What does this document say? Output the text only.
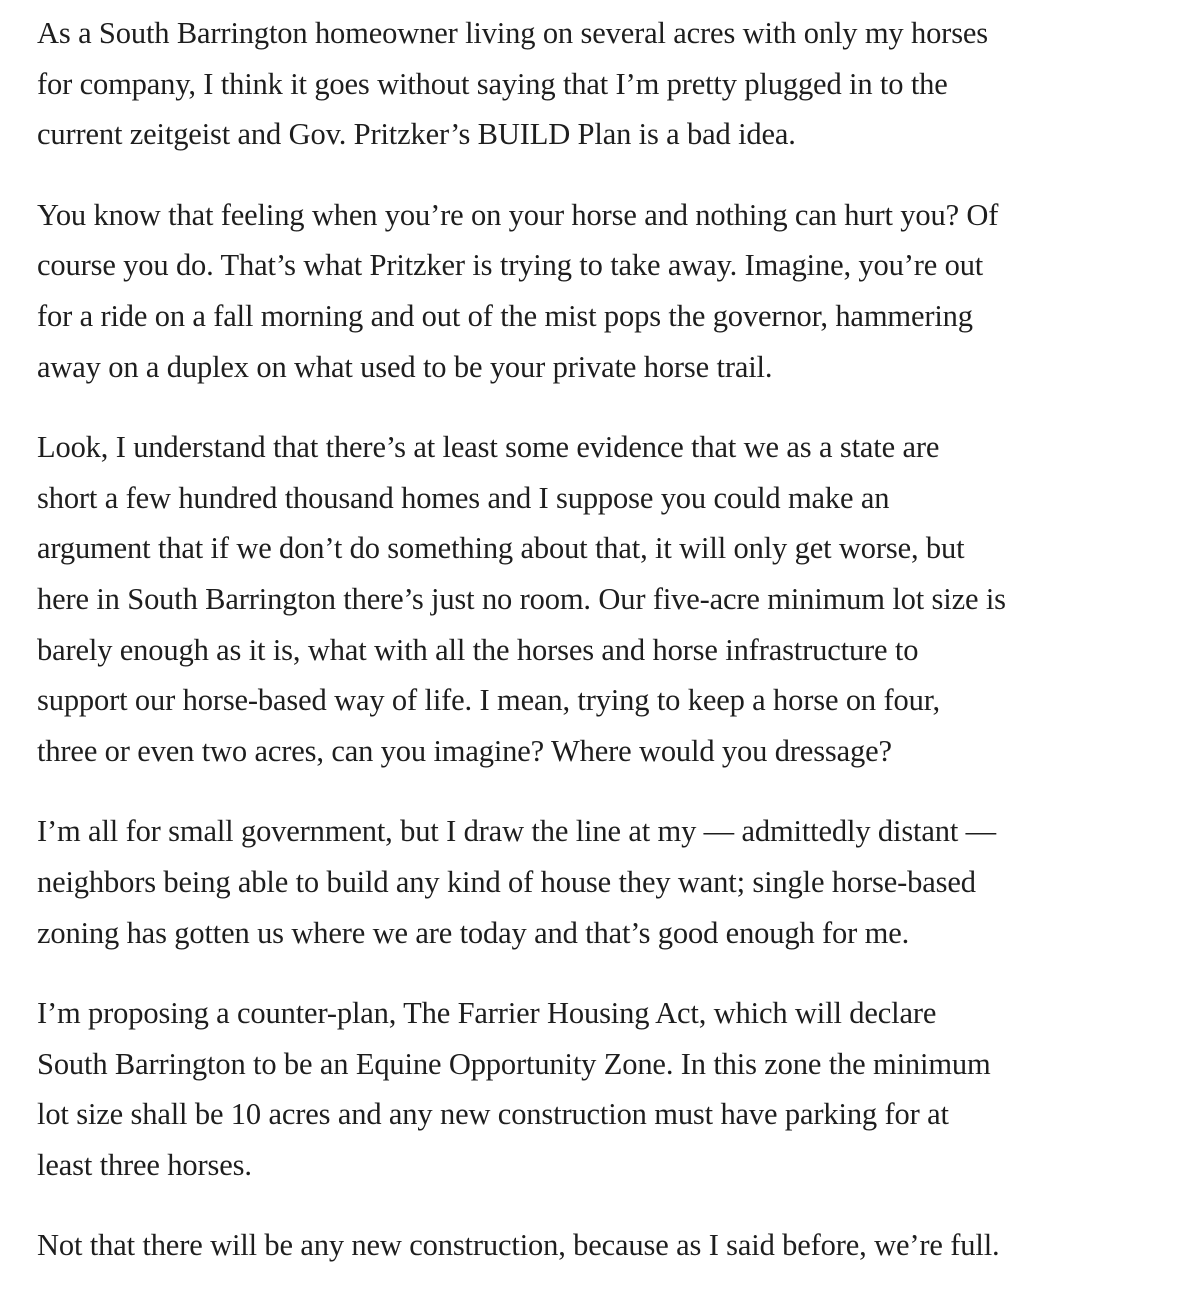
As a South Barrington homeowner living on several acres with only my horses
for company, I think it goes without saying that I’m pretty plugged in to the
current zeitgeist and Gov. Pritzker’s BUILD Plan is a bad idea.

You know that feeling when you’re on your horse and nothing can hurt you? Of
course you do. That’s what Pritzker is trying to take away. Imagine, you’re out
for a ride on a fall morning and out of the mist pops the governor, hammering
away on a duplex on what used to be your private horse trail.

Look, I understand that there’s at least some evidence that we as a state are
short a few hundred thousand homes and I suppose you could make an
argument that if we don’t do something about that, it will only get worse, but
here in South Barrington there’s just no room. Our five-acre minimum lot size is
barely enough as it is, what with all the horses and horse infrastructure to
support our horse-based way of life. I mean, trying to keep a horse on four,
three or even two acres, can you imagine? Where would you dressage?

I’m all for small government, but I draw the line at my — admittedly distant —
neighbors being able to build any kind of house they want; single horse-based
zoning has gotten us where we are today and that’s good enough for me.

I’m proposing a counter-plan, The Farrier Housing Act, which will declare
South Barrington to be an Equine Opportunity Zone. In this zone the minimum
lot size shall be 10 acres and any new construction must have parking for at
least three horses.

Not that there will be any new construction, because as I said before, we’re full.
